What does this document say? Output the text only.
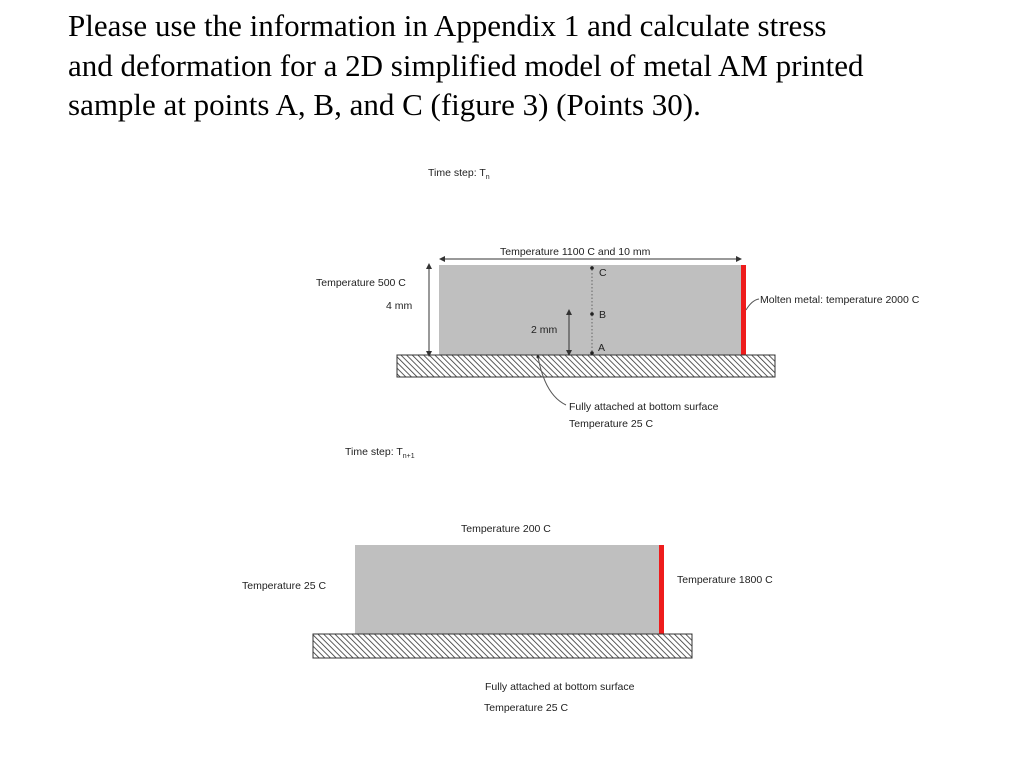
Please use the information in Appendix 1 and calculate stress
and deformation for a 2D simplified model of metal AM printed
sample at points A, B, and C (figure 3) (Points 30).

Time step: $T_n$
Temperature 1100 C and 10 mm
Temperature 500 C
4 mm
2 mm
C
B
A
Molten metal: temperature 2000 C
Fully attached at bottom surface
Temperature 25 C
Time step: $T_{n+1}$
Temperature 200 C
Temperature 25 C	Temperature 1800 C
Fully attached at bottom surface
Temperature 25 C
